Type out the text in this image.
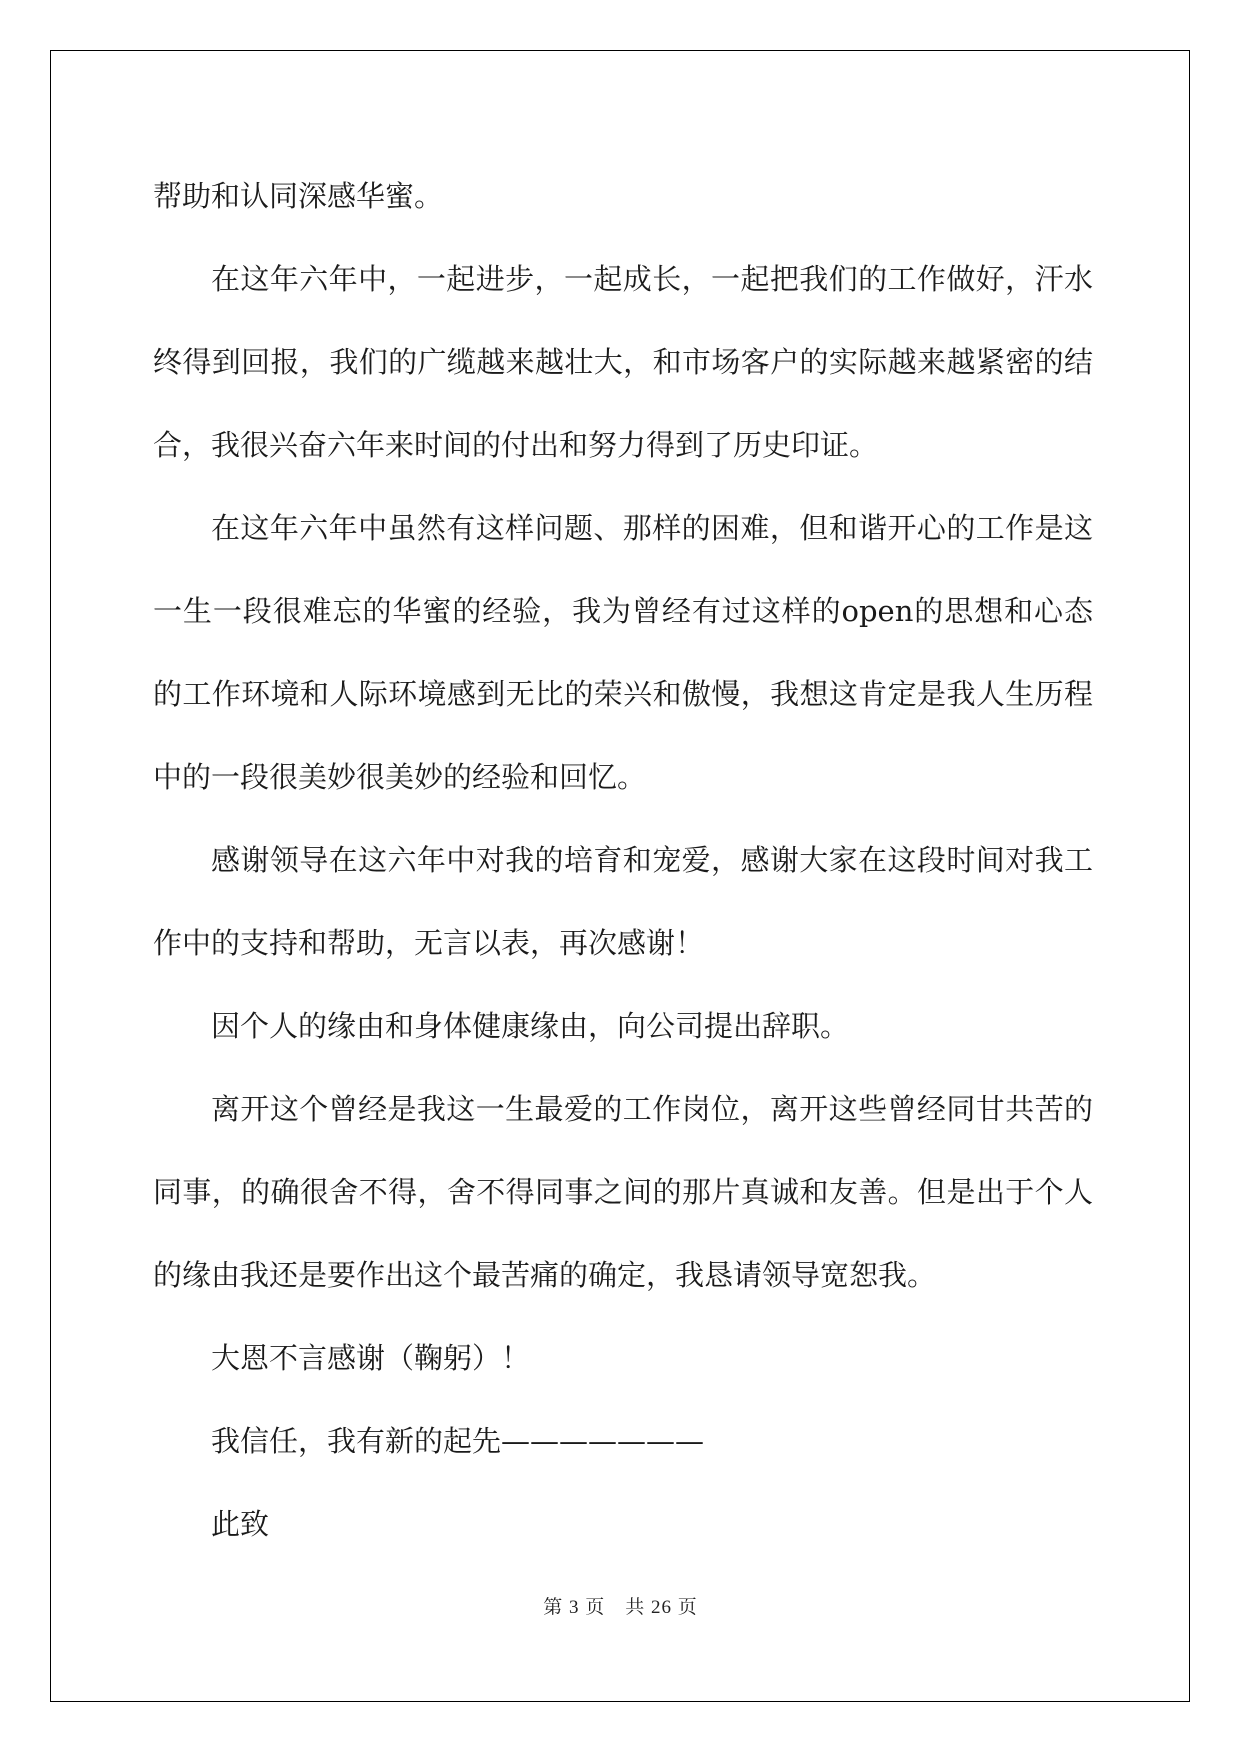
帮助和认同深感华蜜。

在这年六年中，一起进步，一起成长，一起把我们的工作做好，汗水终得到回报，我们的广缆越来越壮大，和市场客户的实际越来越紧密的结合，我很兴奋六年来时间的付出和努力得到了历史印证。

在这年六年中虽然有这样问题、那样的困难，但和谐开心的工作是这一生一段很难忘的华蜜的经验，我为曾经有过这样的open的思想和心态的工作环境和人际环境感到无比的荣兴和傲慢，我想这肯定是我人生历程中的一段很美妙很美妙的经验和回忆。

感谢领导在这六年中对我的培育和宠爱，感谢大家在这段时间对我工作中的支持和帮助，无言以表，再次感谢！

因个人的缘由和身体健康缘由，向公司提出辞职。

离开这个曾经是我这一生最爱的工作岗位，离开这些曾经同甘共苦的同事，的确很舍不得，舍不得同事之间的那片真诚和友善。但是出于个人的缘由我还是要作出这个最苦痛的确定，我恳请领导宽恕我。

大恩不言感谢（鞠躬）！

我信任，我有新的起先———————

此致

第 3 页　共 26 页
